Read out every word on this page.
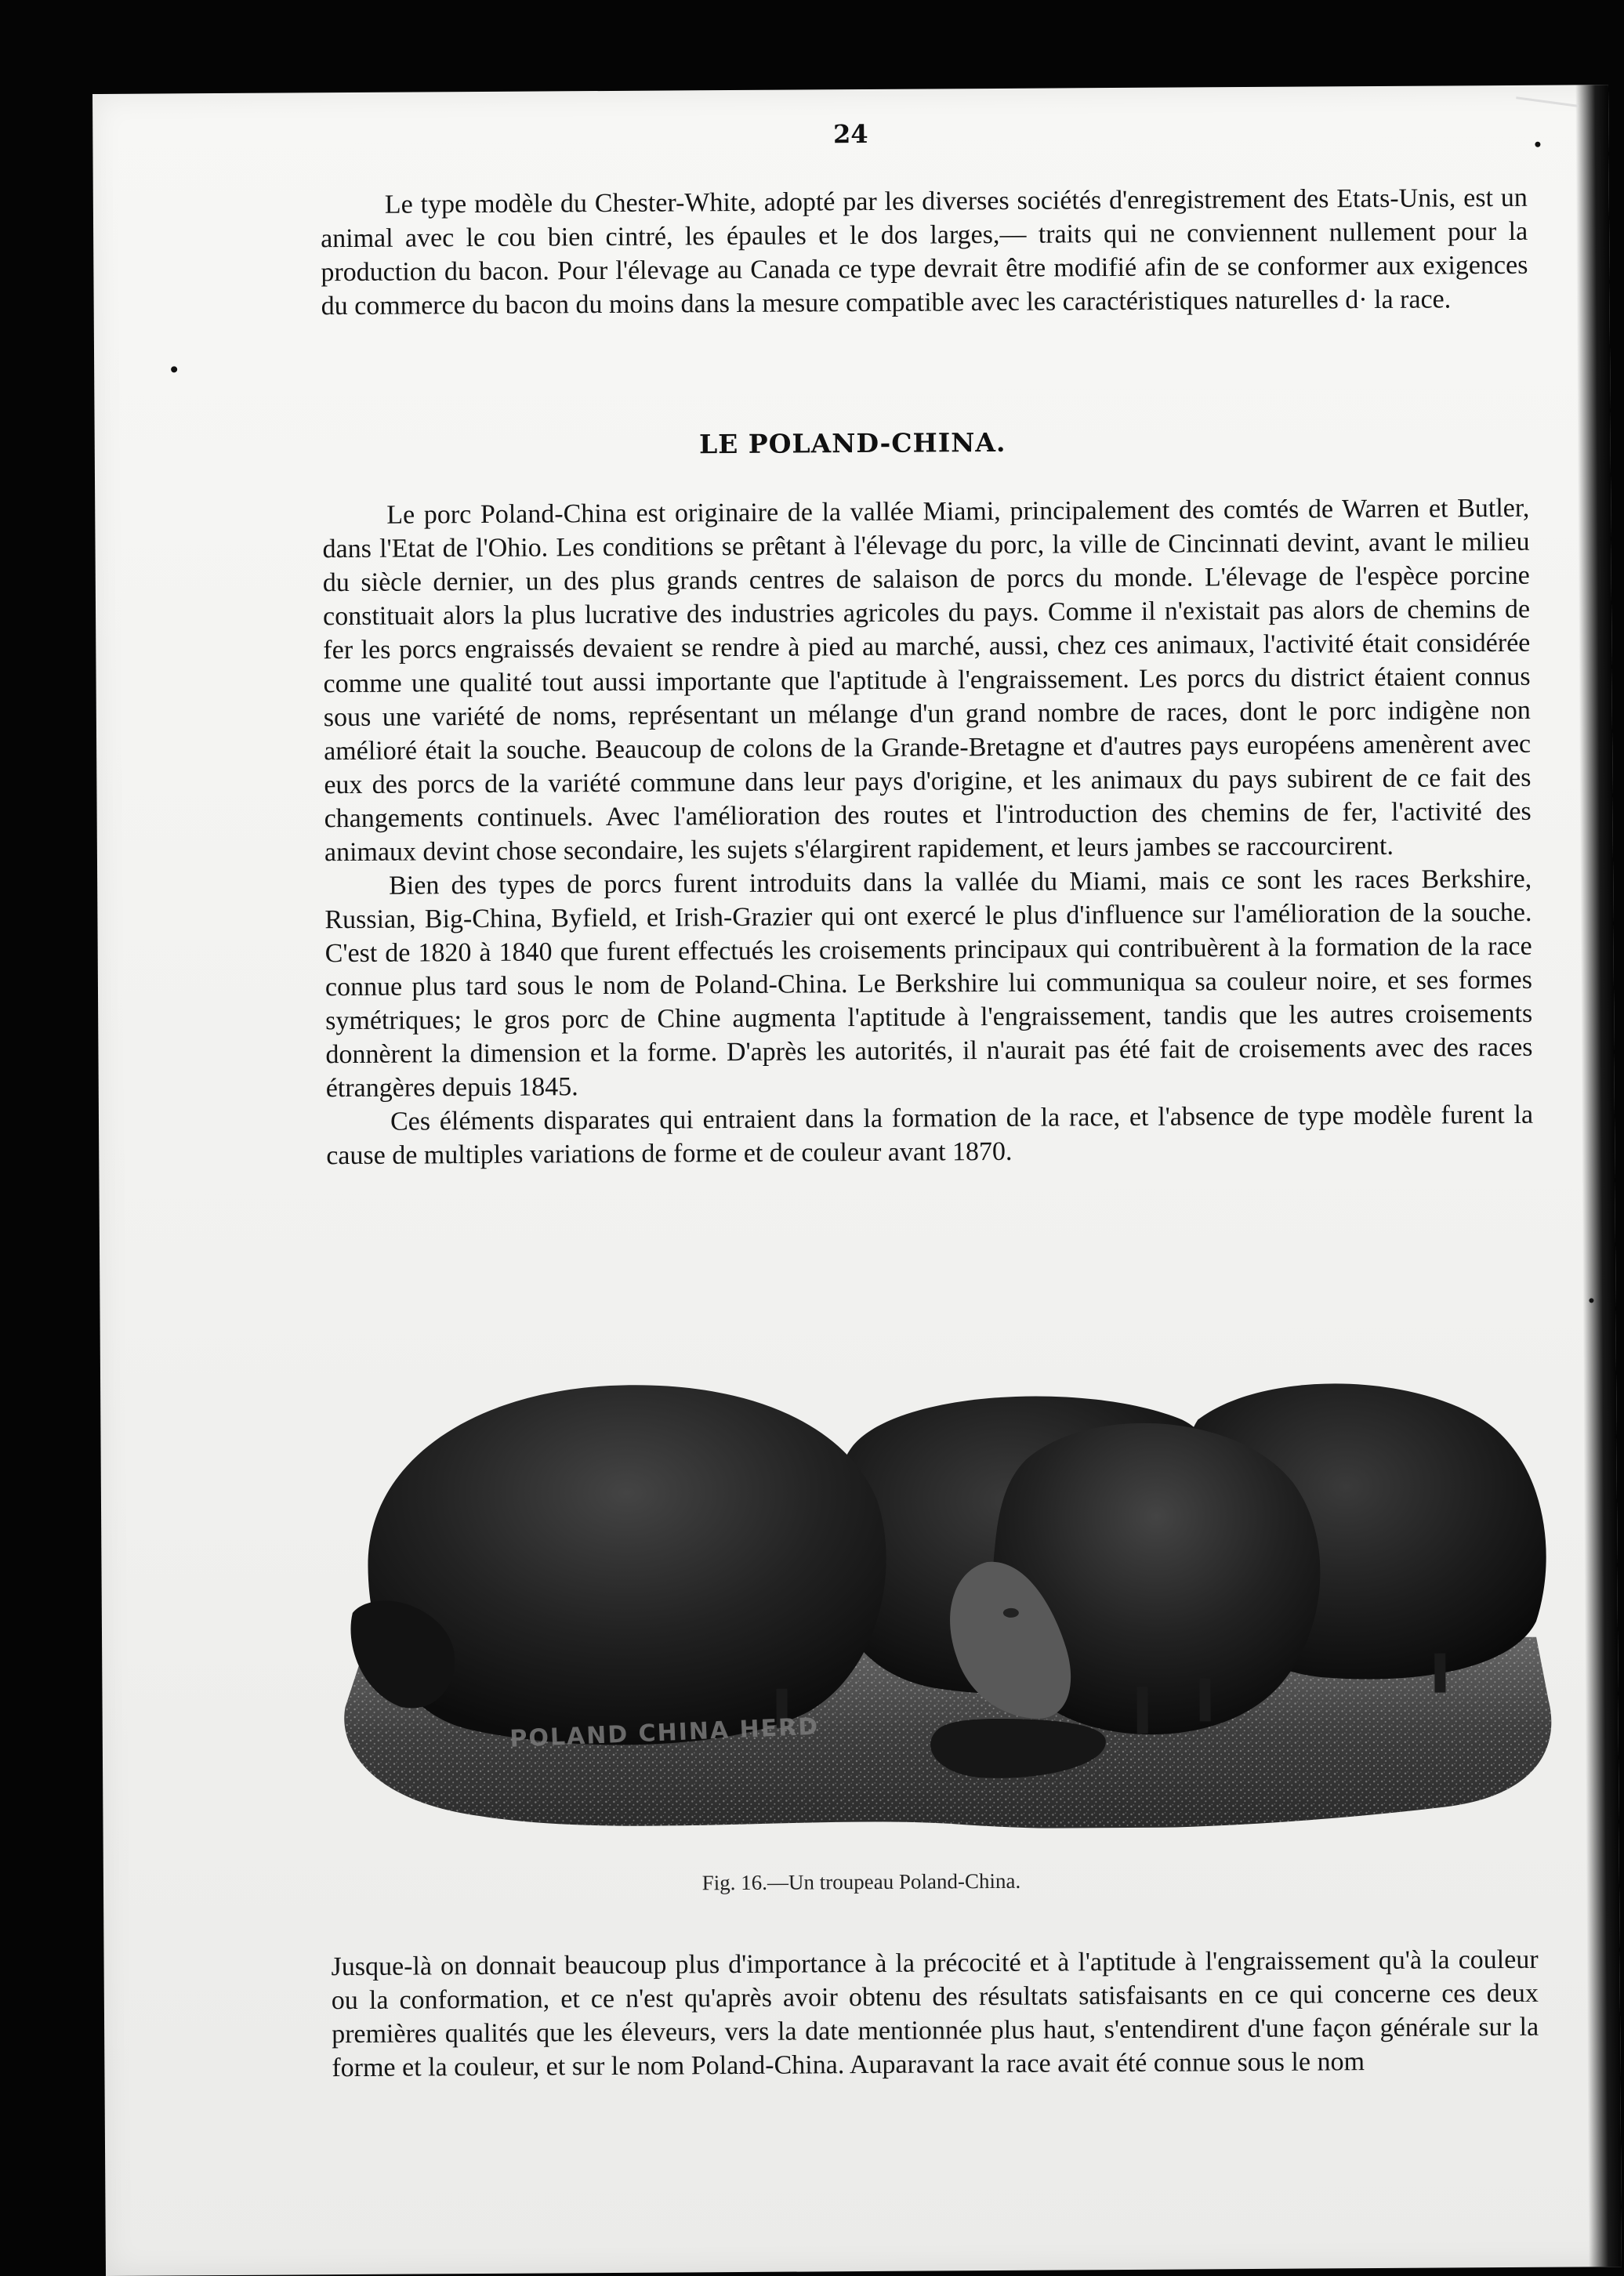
24

Le type modèle du Chester-White, adopté par les diverses sociétés d'enregistrement des Etats-Unis, est un animal avec le cou bien cintré, les épaules et le dos larges,— traits qui ne conviennent nullement pour la production du bacon. Pour l'élevage au Canada ce type devrait être modifié afin de se conformer aux exigences du commerce du bacon du moins dans la mesure compatible avec les caractéristiques naturelles d· la race.

LE POLAND-CHINA.

Le porc Poland-China est originaire de la vallée Miami, principalement des comtés de Warren et Butler, dans l'Etat de l'Ohio. Les conditions se prêtant à l'élevage du porc, la ville de Cincinnati devint, avant le milieu du siècle dernier, un des plus grands centres de salaison de porcs du monde. L'élevage de l'espèce porcine constituait alors la plus lucrative des industries agricoles du pays. Comme il n'existait pas alors de chemins de fer les porcs engraissés devaient se rendre à pied au marché, aussi, chez ces animaux, l'activité était considérée comme une qualité tout aussi importante que l'aptitude à l'engraissement. Les porcs du district étaient connus sous une variété de noms, représentant un mélange d'un grand nombre de races, dont le porc indigène non amélioré était la souche. Beaucoup de colons de la Grande-Bretagne et d'autres pays européens amenèrent avec eux des porcs de la variété commune dans leur pays d'origine, et les animaux du pays subirent de ce fait des changements continuels. Avec l'amélioration des routes et l'introduction des chemins de fer, l'activité des animaux devint chose secondaire, les sujets s'élargirent rapidement, et leurs jambes se raccourcirent.

Bien des types de porcs furent introduits dans la vallée du Miami, mais ce sont les races Berkshire, Russian, Big-China, Byfield, et Irish-Grazier qui ont exercé le plus d'influence sur l'amélioration de la souche. C'est de 1820 à 1840 que furent effectués les croisements principaux qui contribuèrent à la formation de la race connue plus tard sous le nom de Poland-China. Le Berkshire lui communiqua sa couleur noire, et ses formes symétriques; le gros porc de Chine augmenta l'aptitude à l'engraissement, tandis que les autres croisements donnèrent la dimension et la forme. D'après les autorités, il n'aurait pas été fait de croisements avec des races étrangères depuis 1845.

Ces éléments disparates qui entraient dans la formation de la race, et l'absence de type modèle furent la cause de multiples variations de forme et de couleur avant 1870.

POLAND CHINA HERD
Fig. 16.—Un troupeau Poland-China.

Jusque-là on donnait beaucoup plus d'importance à la précocité et à l'aptitude à l'engraissement qu'à la couleur ou la conformation, et ce n'est qu'après avoir obtenu des résultats satisfaisants en ce qui concerne ces deux premières qualités que les éleveurs, vers la date mentionnée plus haut, s'entendirent d'une façon générale sur la forme et la couleur, et sur le nom Poland-China. Auparavant la race avait été connue sous le nom
